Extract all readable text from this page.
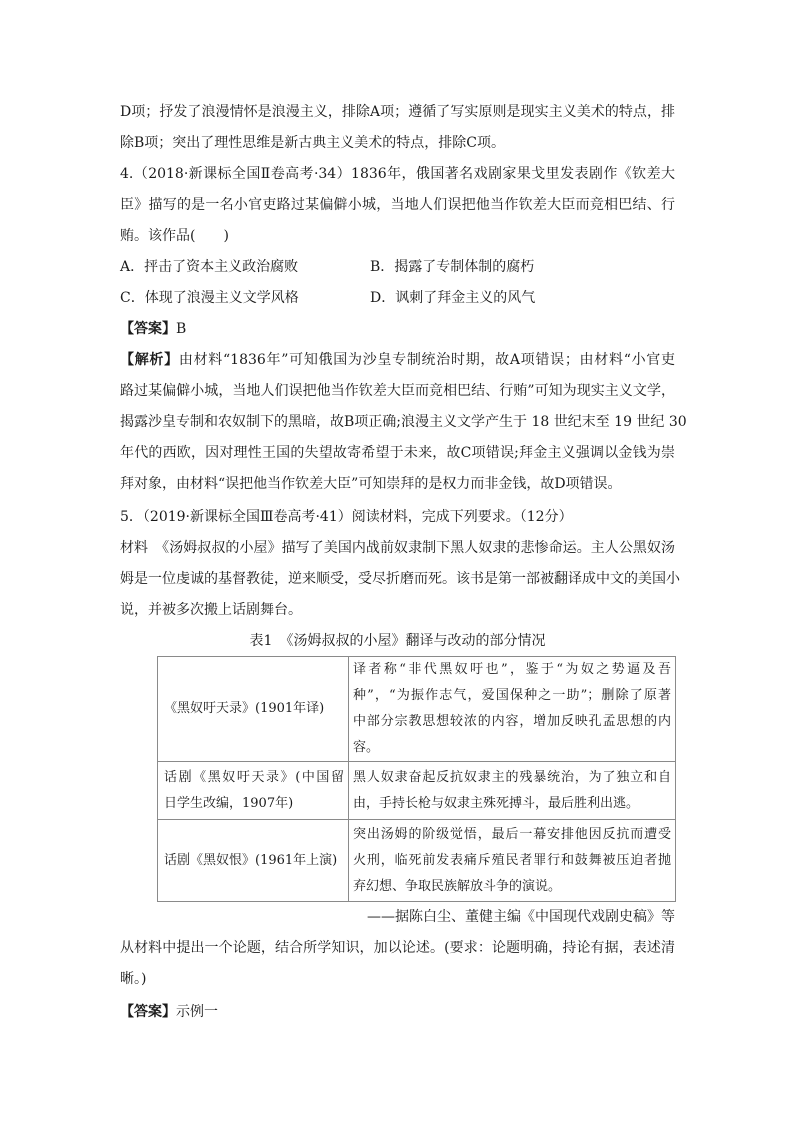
D项；抒发了浪漫情怀是浪漫主义，排除A项；遵循了写实原则是现实主义美术的特点，排
除B项；突出了理性思维是新古典主义美术的特点，排除C项。
4.（2018·新课标全国Ⅱ卷高考·34）1836年，俄国著名戏剧家果戈里发表剧作《钦差大
臣》描写的是一名小官吏路过某偏僻小城，当地人们误把他当作钦差大臣而竞相巴结、行
贿。该作品(　　)
A．抨击了资本主义政治腐败	B．揭露了专制体制的腐朽
C．体现了浪漫主义文学风格	D．讽刺了拜金主义的风气
【答案】B
【解析】由材料“1836年”可知俄国为沙皇专制统治时期，故A项错误；由材料“小官吏
路过某偏僻小城，当地人们误把他当作钦差大臣而竞相巴结、行贿”可知为现实主义文学，
揭露沙皇专制和农奴制下的黑暗，故B项正确;浪漫主义文学产生于 18 世纪末至 19 世纪 30
年代的西欧，因对理性王国的失望故寄希望于未来，故C项错误;拜金主义强调以金钱为崇
拜对象，由材料“误把他当作钦差大臣”可知崇拜的是权力而非金钱，故D项错误。
5．（2019·新课标全国Ⅲ卷高考·41）阅读材料，完成下列要求。（12分）
材料　《汤姆叔叔的小屋》描写了美国内战前奴隶制下黑人奴隶的悲惨命运。主人公黑奴汤
姆是一位虔诚的基督教徒，逆来顺受，受尽折磨而死。该书是第一部被翻译成中文的美国小
说，并被多次搬上话剧舞台。
表1　《汤姆叔叔的小屋》翻译与改动的部分情况
《黑奴吁天录》(1901年译)	译者称“非代黑奴吁也”，鉴于“为奴之势逼及吾
种”，“为振作志气，爱国保种之一助”；删除了原著
中部分宗教思想较浓的内容，增加反映孔孟思想的内
容。

话剧《黑奴吁天录》(中国留
日学生改编，1907年)	黑人奴隶奋起反抗奴隶主的残暴统治，为了独立和自
由，手持长枪与奴隶主殊死搏斗，最后胜利出逃。

话剧《黑奴恨》(1961年上演)	突出汤姆的阶级觉悟，最后一幕安排他因反抗而遭受
火刑，临死前发表痛斥殖民者罪行和鼓舞被压迫者抛
弃幻想、争取民族解放斗争的演说。
——据陈白尘、董健主编《中国现代戏剧史稿》等
从材料中提出一个论题，结合所学知识，加以论述。(要求：论题明确，持论有据，表述清
晰。)
【答案】示例一
